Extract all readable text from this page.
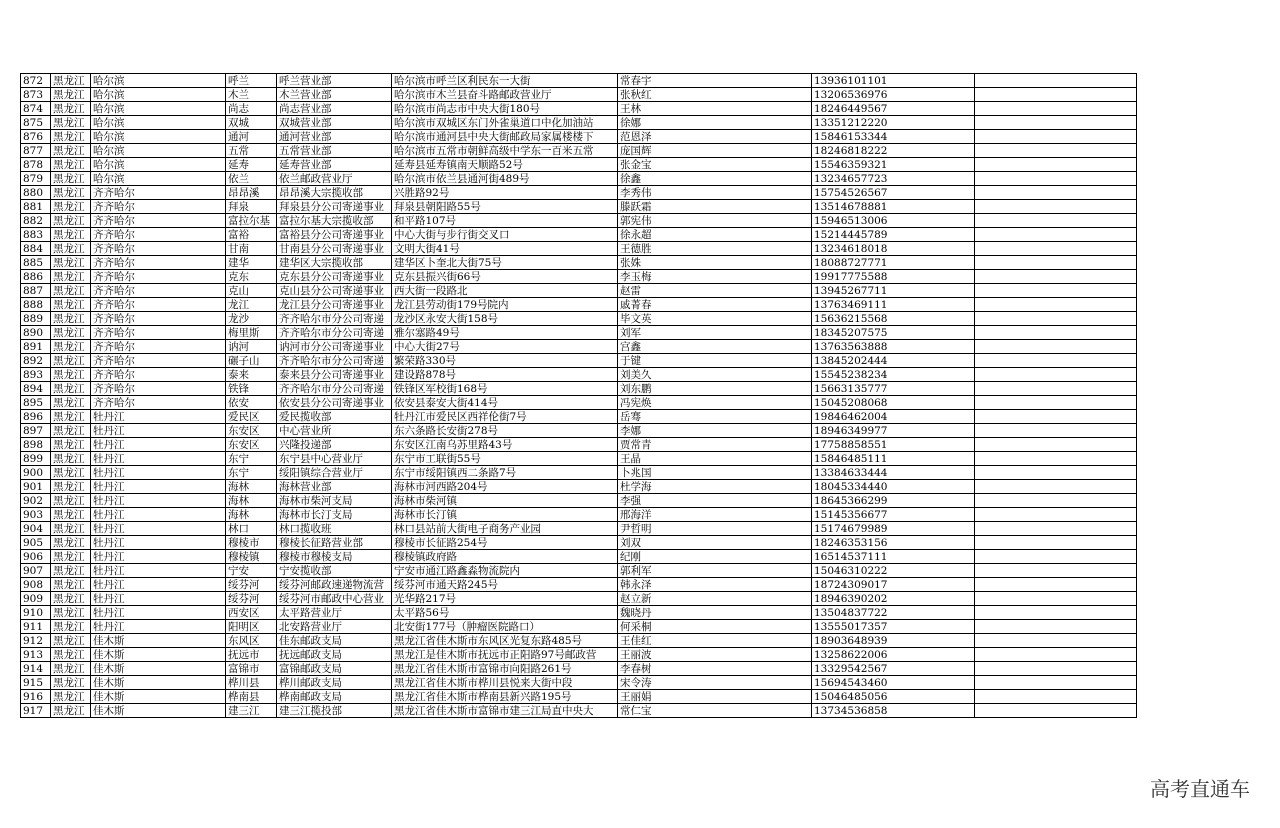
872	黑龙江	哈尔滨	呼兰	呼兰营业部	哈尔滨市呼兰区利民东一大街	常春宇	13936101101	
873	黑龙江	哈尔滨	木兰	木兰营业部	哈尔滨市木兰县奋斗路邮政营业厅	张秋红	13206536976	
874	黑龙江	哈尔滨	尚志	尚志营业部	哈尔滨市尚志市中央大街180号	王林	18246449567	
875	黑龙江	哈尔滨	双城	双城营业部	哈尔滨市双城区东门外雀巢道口中化加油站	徐娜	13351212220	
876	黑龙江	哈尔滨	通河	通河营业部	哈尔滨市通河县中央大街邮政局家属楼楼下	范恩泽	15846153344	
877	黑龙江	哈尔滨	五常	五常营业部	哈尔滨市五常市朝鲜高级中学东一百米五常	庞国辉	18246818222	
878	黑龙江	哈尔滨	延寿	延寿营业部	延寿县延寿镇南天顺路52号	张金宝	15546359321	
879	黑龙江	哈尔滨	依兰	依兰邮政营业厅	哈尔滨市依兰县通河街489号	徐鑫	13234657723	
880	黑龙江	齐齐哈尔	昂昂溪	昂昂溪大宗揽收部	兴胜路92号	李秀伟	15754526567	
881	黑龙江	齐齐哈尔	拜泉	拜泉县分公司寄递事业	拜泉县朝阳路55号	滕跃霜	13514678881	
882	黑龙江	齐齐哈尔	富拉尔基	富拉尔基大宗揽收部	和平路107号	郭宪伟	15946513006	
883	黑龙江	齐齐哈尔	富裕	富裕县分公司寄递事业	中心大街与步行街交叉口	徐永超	15214445789	
884	黑龙江	齐齐哈尔	甘南	甘南县分公司寄递事业	文明大街41号	王德胜	13234618018	
885	黑龙江	齐齐哈尔	建华	建华区大宗揽收部	建华区卜奎北大街75号	张姝	18088727771	
886	黑龙江	齐齐哈尔	克东	克东县分公司寄递事业	克东县振兴街66号	李玉梅	19917775588	
887	黑龙江	齐齐哈尔	克山	克山县分公司寄递事业	西大街一段路北	赵雷	13945267711	
888	黑龙江	齐齐哈尔	龙江	龙江县分公司寄递事业	龙江县劳动街179号院内	戚菁春	13763469111	
889	黑龙江	齐齐哈尔	龙沙	齐齐哈尔市分公司寄递	龙沙区永安大街158号	毕文英	15636215568	
890	黑龙江	齐齐哈尔	梅里斯	齐齐哈尔市分公司寄递	雅尔塞路49号	刘军	18345207575	
891	黑龙江	齐齐哈尔	讷河	讷河市分公司寄递事业	中心大街27号	宫鑫	13763563888	
892	黑龙江	齐齐哈尔	碾子山	齐齐哈尔市分公司寄递	繁荣路330号	于键	13845202444	
893	黑龙江	齐齐哈尔	泰来	泰来县分公司寄递事业	建设路878号	刘美久	15545238234	
894	黑龙江	齐齐哈尔	铁锋	齐齐哈尔市分公司寄递	铁锋区军校街168号	刘东鹏	15663135777	
895	黑龙江	齐齐哈尔	依安	依安县分公司寄递事业	依安县泰安大街414号	冯宪焕	15045208068	
896	黑龙江	牡丹江	爱民区	爱民揽收部	牡丹江市爱民区西祥伦街7号	岳骞	19846462004	
897	黑龙江	牡丹江	东安区	中心营业所	东六条路长安街278号	李娜	18946349977	
898	黑龙江	牡丹江	东安区	兴隆投递部	东安区江南乌苏里路43号	贾常青	17758858551	
899	黑龙江	牡丹江	东宁	东宁县中心营业厅	东宁市工联街55号	王晶	15846485111	
900	黑龙江	牡丹江	东宁	绥阳镇综合营业厅	东宁市绥阳镇西二条路7号	卜兆国	13384633444	
901	黑龙江	牡丹江	海林	海林营业部	海林市河西路204号	杜学海	18045334440	
902	黑龙江	牡丹江	海林	海林市柴河支局	海林市柴河镇	李强	18645366299	
903	黑龙江	牡丹江	海林	海林市长汀支局	海林市长汀镇	邢海洋	15145356677	
904	黑龙江	牡丹江	林口	林口揽收班	林口县站前大街电子商务产业园	尹哲明	15174679989	
905	黑龙江	牡丹江	穆棱市	穆棱长征路营业部	穆棱市长征路254号	刘双	18246353156	
906	黑龙江	牡丹江	穆棱镇	穆棱市穆棱支局	穆棱镇政府路	纪刚	16514537111	
907	黑龙江	牡丹江	宁安	宁安揽收部	宁安市通江路鑫淼物流院内	郭利军	15046310222	
908	黑龙江	牡丹江	绥芬河	绥芬河邮政速递物流营	绥芬河市通天路245号	韩永泽	18724309017	
909	黑龙江	牡丹江	绥芬河	绥芬河市邮政中心营业	光华路217号	赵立新	18946390202	
910	黑龙江	牡丹江	西安区	太平路营业厅	太平路56号	魏晓丹	13504837722	
911	黑龙江	牡丹江	阳明区	北安路营业厅	北安街177号（肿瘤医院路口）	何采桐	13555017357	
912	黑龙江	佳木斯	东风区	佳东邮政支局	黑龙江省佳木斯市东风区光复东路485号	王佳红	18903648939	
913	黑龙江	佳木斯	抚远市	抚远邮政支局	黑龙江是佳木斯市抚远市正阳路97号邮政营	王丽波	13258622006	
914	黑龙江	佳木斯	富锦市	富锦邮政支局	黑龙江省佳木斯市富锦市向阳路261号	李春树	13329542567	
915	黑龙江	佳木斯	桦川县	桦川邮政支局	黑龙江省佳木斯市桦川县悦来大街中段	宋令涛	15694543460	
916	黑龙江	佳木斯	桦南县	桦南邮政支局	黑龙江省佳木斯市桦南县新兴路195号	王丽娟	15046485056	
917	黑龙江	佳木斯	建三江	建三江揽投部	黑龙江省佳木斯市富锦市建三江局直中央大	常仁宝	13734536858	
高考直通车
